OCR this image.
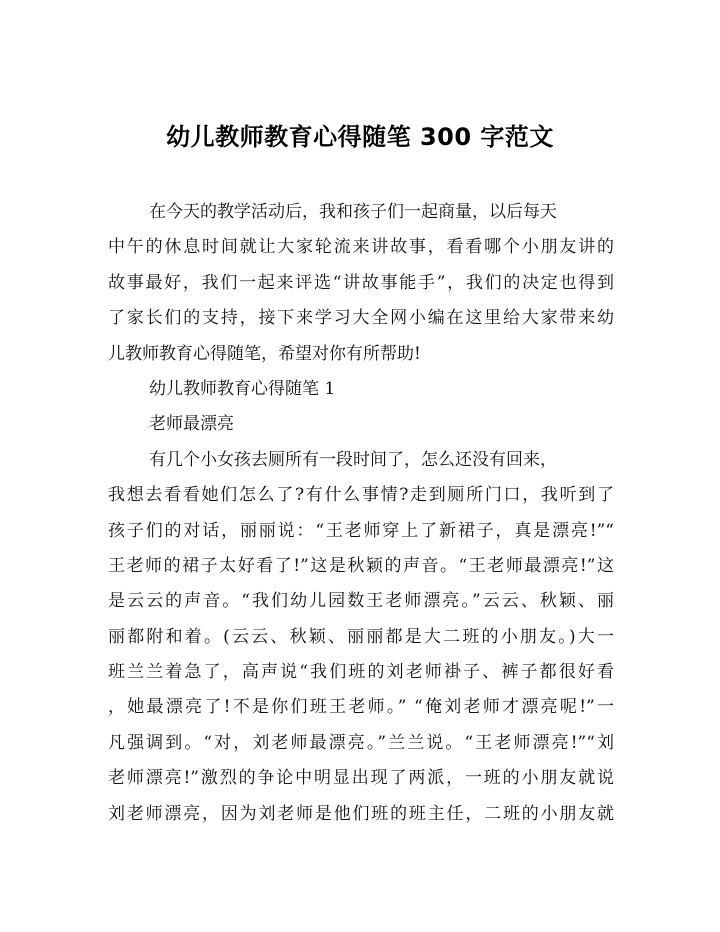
幼儿教师教育心得随笔 300 字范文
在今天的教学活动后，我和孩子们一起商量，以后每天
中午的休息时间就让大家轮流来讲故事，看看哪个小朋友讲的
故事最好，我们一起来评选“讲故事能手”，我们的决定也得到
了家长们的支持，接下来学习大全网小编在这里给大家带来幼
儿教师教育心得随笔，希望对你有所帮助!
幼儿教师教育心得随笔 1
老师最漂亮
有几个小女孩去厕所有一段时间了，怎么还没有回来，
我想去看看她们怎么了?有什么事情?走到厕所门口，我听到了
孩子们的对话，丽丽说：“王老师穿上了新裙子，真是漂亮!”“
王老师的裙子太好看了!”这是秋颖的声音。“王老师最漂亮!”这
是云云的声音。“我们幼儿园数王老师漂亮。”云云、秋颖、丽
丽都附和着。(云云、秋颖、丽丽都是大二班的小朋友。)大一
班兰兰着急了，高声说“我们班的刘老师褂子、裤子都很好看
，她最漂亮了!不是你们班王老师。” “俺刘老师才漂亮呢!”一
凡强调到。“对，刘老师最漂亮。”兰兰说。“王老师漂亮!”“刘
老师漂亮!”激烈的争论中明显出现了两派，一班的小朋友就说
刘老师漂亮，因为刘老师是他们班的班主任，二班的小朋友就
